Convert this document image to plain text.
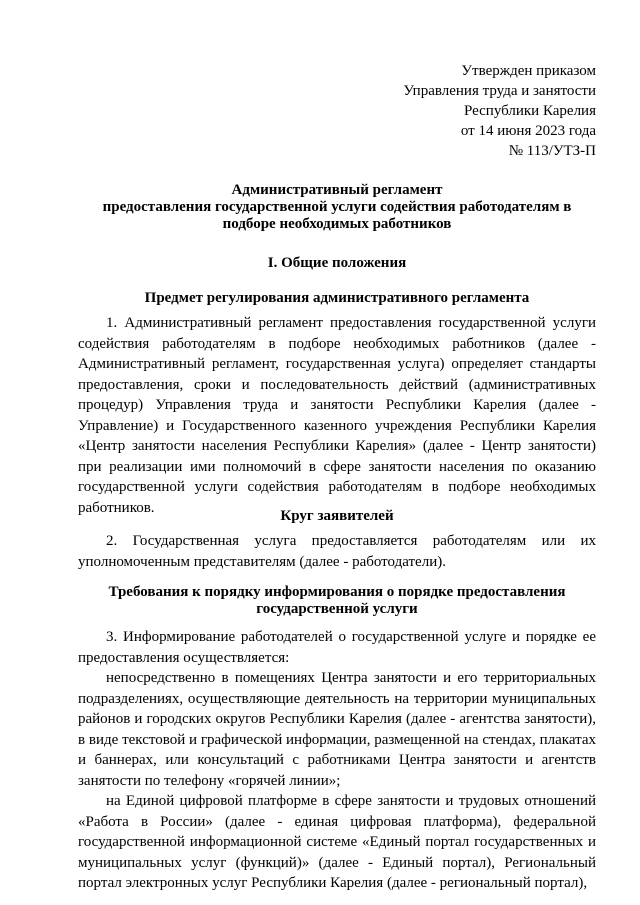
Утвержден приказом
Управления труда и занятости
Республики Карелия
от 14 июня 2023 года
№ 113/УТЗ-П
Административный регламент
предоставления государственной услуги содействия работодателям в
подборе необходимых работников
I. Общие положения
Предмет регулирования административного регламента
1. Административный регламент предоставления государственной услуги содействия работодателям в подборе необходимых работников (далее - Административный регламент, государственная услуга) определяет стандарты предоставления, сроки и последовательность действий (административных процедур) Управления труда и занятости Республики Карелия (далее - Управление) и Государственного казенного учреждения Республики Карелия «Центр занятости населения Республики Карелия» (далее - Центр занятости) при реализации ими полномочий в сфере занятости населения по оказанию государственной услуги содействия работодателям в подборе необходимых работников.
Круг заявителей
2. Государственная услуга предоставляется работодателям или их уполномоченным представителям (далее - работодатели).
Требования к порядку информирования о порядке предоставления
государственной услуги
3. Информирование работодателей о государственной услуге и порядке ее предоставления осуществляется:
непосредственно в помещениях Центра занятости и его территориальных подразделениях, осуществляющие деятельность на территории муниципальных районов и городских округов Республики Карелия (далее - агентства занятости), в виде текстовой и графической информации, размещенной на стендах, плакатах и баннерах, или консультаций с работниками Центра занятости и агентств занятости по телефону «горячей линии»;
на Единой цифровой платформе в сфере занятости и трудовых отношений «Работа в России» (далее - единая цифровая платформа), федеральной государственной информационной системе «Единый портал государственных и муниципальных услуг (функций)» (далее - Единый портал), Региональный портал электронных услуг Республики Карелия (далее - региональный портал),
